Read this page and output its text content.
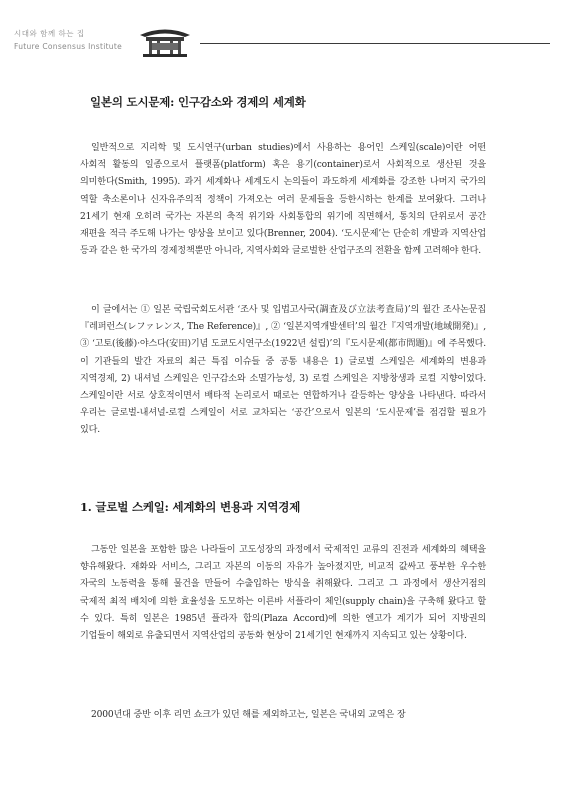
시대와 함께 하는 집
Future Consensus Institute
일본의 도시문제: 인구감소와 경제의 세계화

일반적으로 지리학 및 도시연구(urban studies)에서 사용하는 용어인 스케일(scale)이란 어떤 사회적 활동의 일종으로서 플랫폼(platform) 혹은 용기(container)로서 사회적으로 생산된 것을 의미한다(Smith, 1995). 과거 세계화나 세계도시 논의들이 과도하게 세계화를 강조한 나머지 국가의 역할 축소론이나 신자유주의적 정책이 가져오는 여러 문제들을 등한시하는 한계를 보여왔다. 그러나 21세기 현재 오히려 국가는 자본의 축적 위기와 사회통합의 위기에 직면해서, 통치의 단위로서 공간 재편을 적극 주도해 나가는 양상을 보이고 있다(Brenner, 2004). ‘도시문제’는 단순히 개발과 지역산업 등과 같은 한 국가의 경제정책뿐만 아니라, 지역사회와 글로벌한 산업구조의 전환을 함께 고려해야 한다.

이 글에서는 ① 일본 국립국회도서관 ‘조사 및 입법고사국(調査及び立法考査局)’의 월간 조사논문집『레퍼런스(レファレンス, The Reference)』, ② ‘일본지역개발센터’의 월간『지역개발(地域開発)』, ③ ‘고토(後藤)·야스다(安田)기념 도쿄도시연구소(1922년 설립)’의『도시문제(都市問題)』에 주목했다. 이 기관들의 발간 자료의 최근 특집 이슈들 중 공통 내용은 1) 글로벌 스케일은 세계화의 변용과 지역경제, 2) 내셔널 스케일은 인구감소와 소멸가능성, 3) 로컬 스케일은 지방창생과 로컬 지향이었다. 스케일이란 서로 상호적이면서 배타적 논리로서 때로는 연합하거나 갈등하는 양상을 나타낸다. 따라서 우리는 글로벌-내셔널-로컬 스케일이 서로 교차되는 ‘공간’으로서 일본의 ‘도시문제’를 점검할 필요가 있다.

1. 글로벌 스케일: 세계화의 변용과 지역경제

그동안 일본을 포함한 많은 나라들이 고도성장의 과정에서 국제적인 교류의 진전과 세계화의 혜택을 향유해왔다. 재화와 서비스, 그리고 자본의 이동의 자유가 높아졌지만, 비교적 값싸고 풍부한 우수한 자국의 노동력을 통해 물건을 만들어 수출입하는 방식을 취해왔다. 그리고 그 과정에서 생산거점의 국제적 최적 배치에 의한 효율성을 도모하는 이른바 서플라이 체인(supply chain)을 구축해 왔다고 할 수 있다. 특히 일본은 1985년 플라자 합의(Plaza Accord)에 의한 엔고가 계기가 되어 지방권의 기업들이 해외로 유출되면서 지역산업의 공동화 현상이 21세기인 현재까지 지속되고 있는 상황이다.

2000년대 중반 이후 리먼 쇼크가 있던 해를 제외하고는, 일본은 국내외 교역은 장
